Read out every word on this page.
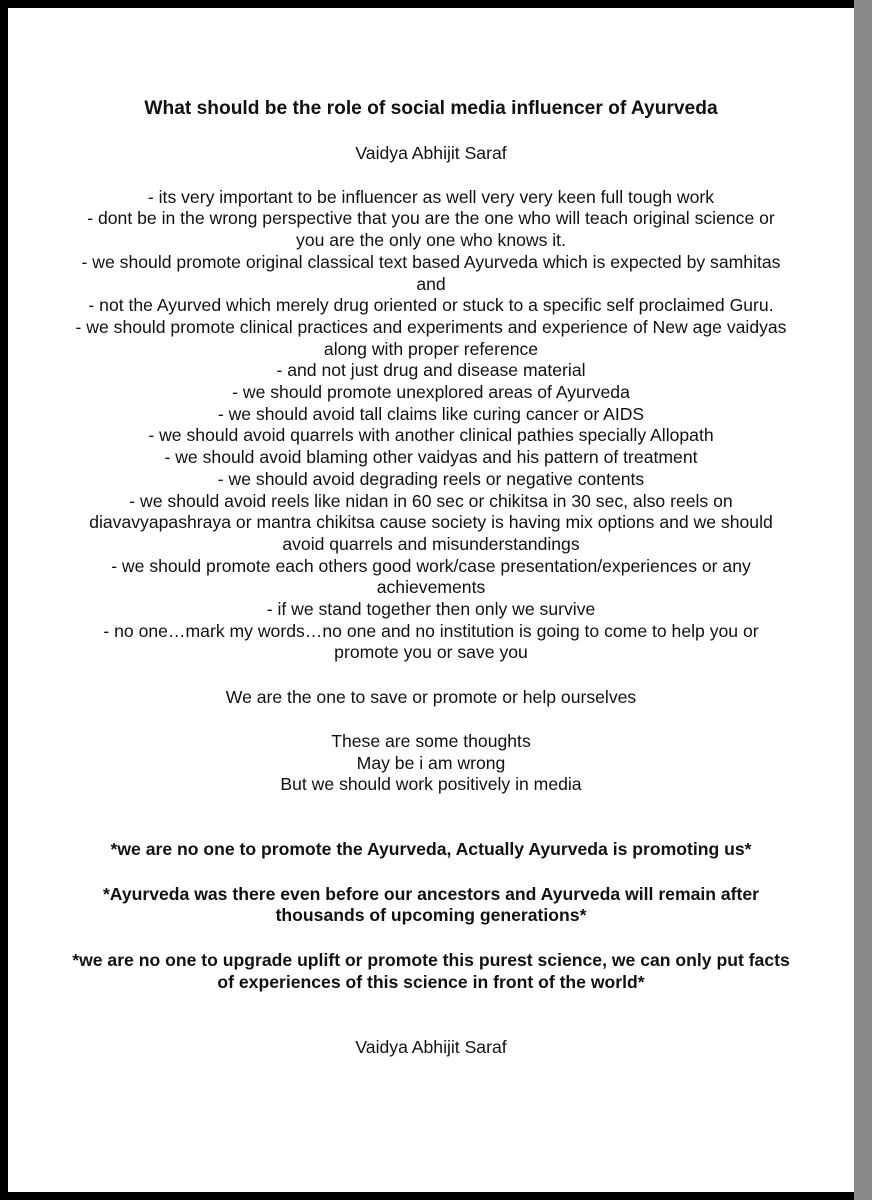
What should be the role of social media influencer of Ayurveda
Vaidya Abhijit Saraf
- its very important to be influencer as well very very keen full tough work
- dont be in the wrong perspective that you are the one who will teach original science or you are the only one who knows it.
- we should promote original classical text based Ayurveda which is expected by samhitas and
- not the Ayurved which merely drug oriented or stuck to a specific self proclaimed Guru.
- we should promote clinical practices and experiments and experience of New age vaidyas along with proper reference
- and not just drug and disease material
- we should promote unexplored areas of Ayurveda
- we should avoid tall claims like curing cancer or AIDS
- we should avoid quarrels with another clinical pathies specially Allopath
- we should avoid blaming other vaidyas and his pattern of treatment
- we should avoid degrading reels or negative contents
- we should avoid reels like nidan in 60 sec or chikitsa in 30 sec, also reels on diavavyapashraya or mantra chikitsa cause society is having mix options and we should avoid quarrels and misunderstandings
- we should promote each others good work/case presentation/experiences or any achievements
- if we stand together then only we survive
- no one…mark my words…no one and no institution is going to come to help you or promote you or save you
We are the one to save or promote or help ourselves
These are some thoughts
May be i am wrong
But we should work positively in media
*we are no one to promote the Ayurveda, Actually Ayurveda is promoting us*
*Ayurveda was there even before our ancestors and Ayurveda will remain after thousands of upcoming generations*
*we are no one to upgrade uplift or promote this purest science, we can only put facts of experiences of this science in front of the world*
Vaidya Abhijit Saraf
